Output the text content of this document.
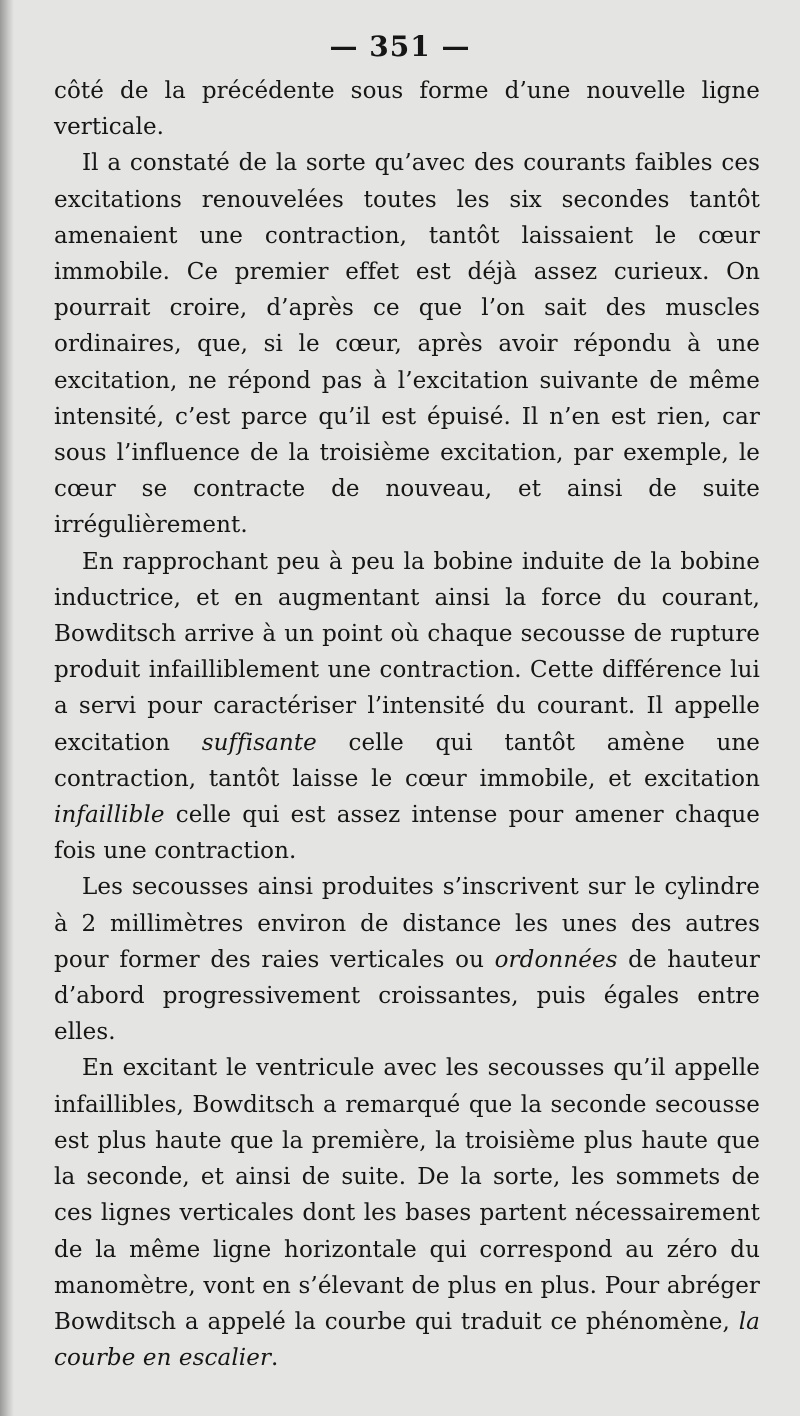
— 351 —

côté de la précédente sous forme d’une nouvelle ligne verticale.

Il a constaté de la sorte qu’avec des courants faibles ces excitations renouvelées toutes les six secondes tantôt amenaient une contraction, tantôt laissaient le cœur immobile. Ce premier effet est déjà assez curieux. On pourrait croire, d’après ce que l’on sait des muscles ordinaires, que, si le cœur, après avoir répondu à une excitation, ne répond pas à l’excitation suivante de même intensité, c’est parce qu’il est épuisé. Il n’en est rien, car sous l’influence de la troisième excitation, par exemple, le cœur se contracte de nouveau, et ainsi de suite irrégulièrement.

En rapprochant peu à peu la bobine induite de la bobine inductrice, et en augmentant ainsi la force du courant, Bowditsch arrive à un point où chaque secousse de rupture produit infailliblement une contraction. Cette différence lui a servi pour caractériser l’intensité du courant. Il appelle excitation suffisante celle qui tantôt amène une contraction, tantôt laisse le cœur immobile, et excitation infaillible celle qui est assez intense pour amener chaque fois une contraction.

Les secousses ainsi produites s’inscrivent sur le cylindre à 2 millimètres environ de distance les unes des autres pour former des raies verticales ou ordonnées de hauteur d’abord progressivement croissantes, puis égales entre elles.

En excitant le ventricule avec les secousses qu’il appelle infaillibles, Bowditsch a remarqué que la seconde secousse est plus haute que la première, la troisième plus haute que la seconde, et ainsi de suite. De la sorte, les sommets de ces lignes verticales dont les bases partent nécessairement de la même ligne horizontale qui correspond au zéro du manomètre, vont en s’élevant de plus en plus. Pour abréger Bowditsch a appelé la courbe qui traduit ce phénomène, la courbe en escalier.
